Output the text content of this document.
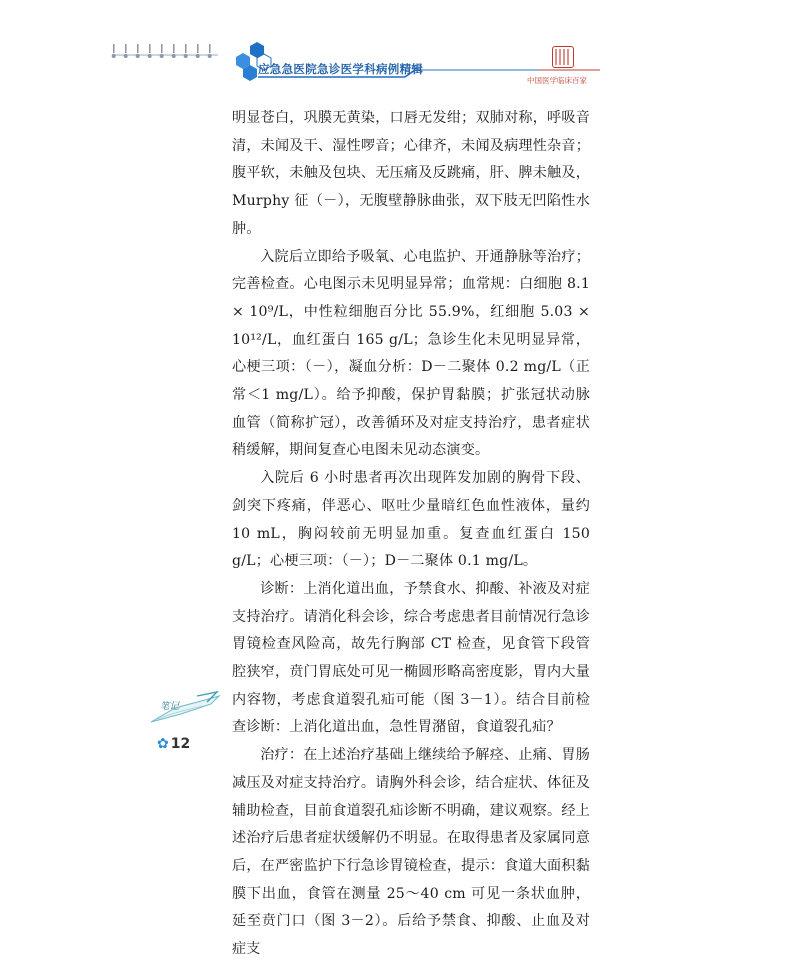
应急急医院急诊医学科病例精辑
中国医学临床百家

明显苍白，巩膜无黄染，口唇无发绀；双肺对称，呼吸音清，未闻及干、湿性啰音；心律齐，未闻及病理性杂音；腹平软，未触及包块、无压痛及反跳痛，肝、脾未触及，Murphy 征（－），无腹壁静脉曲张，双下肢无凹陷性水肿。

入院后立即给予吸氧、心电监护、开通静脉等治疗；完善检查。心电图示未见明显异常；血常规：白细胞 8.1 × 10⁹/L，中性粒细胞百分比 55.9%，红细胞 5.03 × 10¹²/L，血红蛋白 165 g/L；急诊生化未见明显异常，心梗三项：（－），凝血分析：D－二聚体 0.2 mg/L（正常＜1 mg/L）。给予抑酸，保护胃黏膜；扩张冠状动脉血管（简称扩冠），改善循环及对症支持治疗，患者症状稍缓解，期间复查心电图未见动态演变。

入院后 6 小时患者再次出现阵发加剧的胸骨下段、剑突下疼痛，伴恶心、呕吐少量暗红色血性液体，量约 10 mL，胸闷较前无明显加重。复查血红蛋白 150 g/L；心梗三项：（－）；D－二聚体 0.1 mg/L。

诊断：上消化道出血，予禁食水、抑酸、补液及对症支持治疗。请消化科会诊，综合考虑患者目前情况行急诊胃镜检查风险高，故先行胸部 CT 检查，见食管下段管腔狭窄，贲门胃底处可见一椭圆形略高密度影，胃内大量内容物，考虑食道裂孔疝可能（图 3－1）。结合目前检查诊断：上消化道出血，急性胃潴留，食道裂孔疝？

治疗：在上述治疗基础上继续给予解痉、止痛、胃肠减压及对症支持治疗。请胸外科会诊，结合症状、体征及辅助检查，目前食道裂孔疝诊断不明确，建议观察。经上述治疗后患者症状缓解仍不明显。在取得患者及家属同意后，在严密监护下行急诊胃镜检查，提示：食道大面积黏膜下出血，食管在测量 25～40 cm 可见一条状血肿，延至贲门口（图 3－2）。后给予禁食、抑酸、止血及对症支

笔记
✿ 12
